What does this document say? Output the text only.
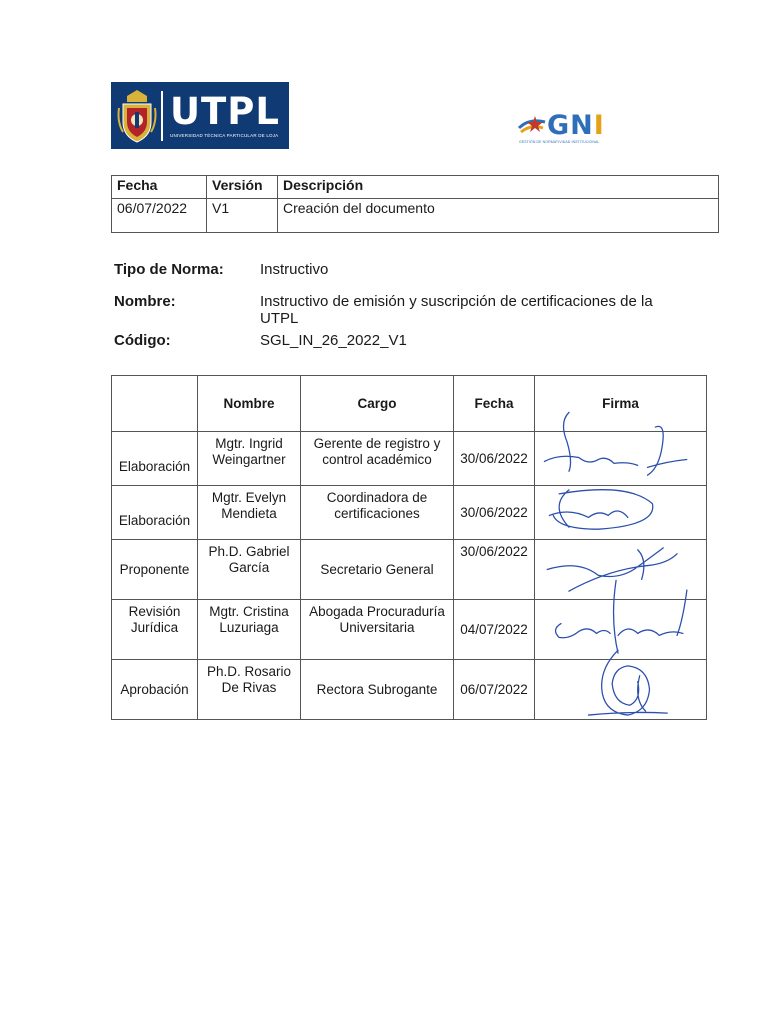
UTPL
UNIVERSIDAD TÉCNICA PARTICULAR DE LOJA	GNI
GESTIÓN DE NORMATIVIDAD INSTITUCIONAL
Fecha	Versión	Descripción
06/07/2022	V1	Creación del documento
Tipo de Norma: Instructivo
Nombre:	Instructivo de emisión y suscripción de certificaciones de la UTPL
Código:	SGL_IN_26_2022_V1
	Nombre	Cargo	Fecha	Firma
Elaboración	Mgtr. Ingrid Weingartner	Gerente de registro y control académico	30/06/2022	

Elaboración	Mgtr. Evelyn Mendieta	Coordinadora de certificaciones	30/06/2022	

Proponente	Ph.D. Gabriel García	Secretario General	30/06/2022	

Revisión Jurídica	Mgtr. Cristina Luzuriaga	Abogada Procuraduría Universitaria	04/07/2022	

Aprobación	Ph.D. Rosario De Rivas	Rectora Subrogante	06/07/2022	
